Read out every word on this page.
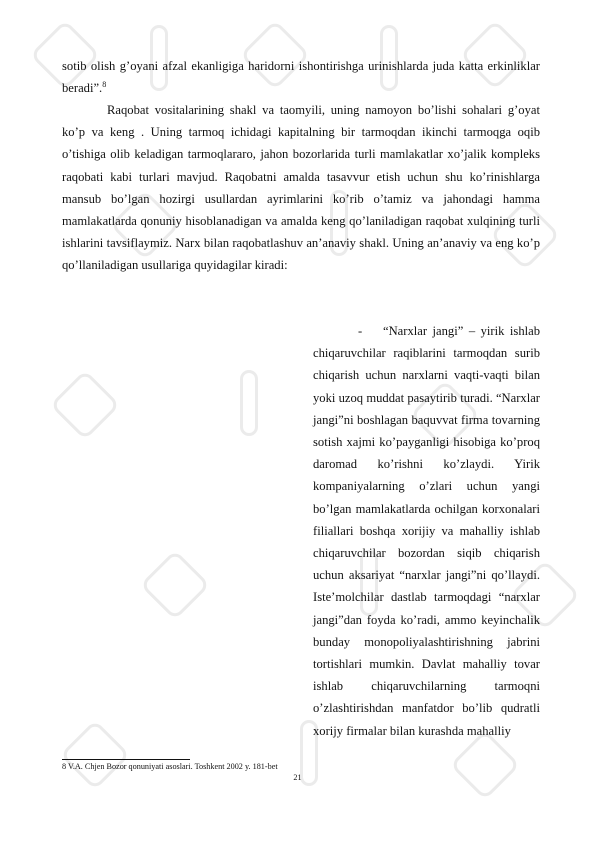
sotib olish g’oyani afzal ekanligiga haridorni ishontirishga urinishlarda juda katta erkinliklar beradi”.$^8$

Raqobat vositalarining shakl va taomyili, uning namoyon bo’lishi sohalari g’oyat ko’p va keng . Uning tarmoq ichidagi kapitalning bir tarmoqdan ikinchi tarmoqga oqib o’tishiga olib keladigan tarmoqlararo, jahon bozorlarida turli mamlakatlar xo’jalik kompleks raqobati kabi turlari mavjud. Raqobatni amalda tasavvur etish uchun shu ko’rinishlarga mansub bo’lgan hozirgi usullardan ayrimlarini ko’rib o’tamiz va jahondagi hamma mamlakatlarda qonuniy hisoblanadigan va amalda keng qo’laniladigan raqobat xulqining turli ishlarini tavsiflaymiz. Narx bilan raqobatlashuv an’anaviy shakl. Uning an’anaviy va eng ko’p qo’llaniladigan usullariga quyidagilar kiradi:

-	“Narxlar jangi” – yirik ishlab chiqaruvchilar raqiblarini tarmoqdan surib chiqarish uchun narxlarni vaqti-vaqti bilan yoki uzoq muddat pasaytirib turadi. “Narxlar jangi”ni boshlagan baquvvat firma tovarning sotish xajmi ko’payganligi hisobiga ko’proq daromad ko’rishni ko’zlaydi. Yirik kompaniyalarning o’zlari uchun yangi bo’lgan mamlakatlarda ochilgan korxonalari filiallari boshqa xorijiy va mahalliy ishlab chiqaruvchilar bozordan siqib chiqarish uchun aksariyat “narxlar jangi”ni qo’llaydi. Iste’molchilar dastlab tarmoqdagi “narxlar jangi”dan foyda ko’radi, ammo keyinchalik bunday monopoliyalashtirishning jabrini tortishlari mumkin. Davlat mahalliy tovar ishlab chiqaruvchilarning tarmoqni o’zlashtirishdan manfatdor bo’lib qudratli xorijy firmalar bilan kurashda mahalliy

8 V.A. Chjen Bozor qonuniyati asoslari. Toshkent 2002 y. 181-bet

21
